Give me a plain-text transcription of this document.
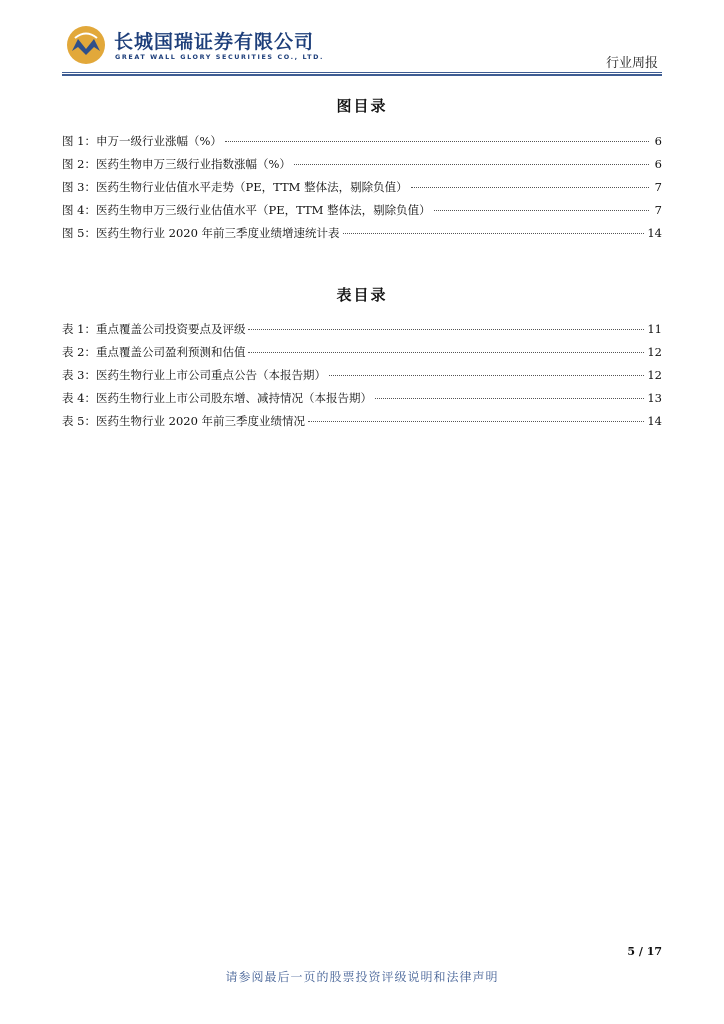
长城国瑞证券有限公司
GREAT WALL GLORY SECURITIES CO., LTD.	行业周报
图目录
图 1：申万一级行业涨幅（%）	6
图 2：医药生物申万三级行业指数涨幅（%）	6
图 3：医药生物行业估值水平走势（PE，TTM 整体法，剔除负值）	7
图 4：医药生物申万三级行业估值水平（PE，TTM 整体法，剔除负值）	7
图 5：医药生物行业 2020 年前三季度业绩增速统计表	14
表目录
表 1：重点覆盖公司投资要点及评级	11
表 2：重点覆盖公司盈利预测和估值	12
表 3：医药生物行业上市公司重点公告（本报告期）	12
表 4：医药生物行业上市公司股东增、减持情况（本报告期）	13
表 5：医药生物行业 2020 年前三季度业绩情况	14
5 / 17
请参阅最后一页的股票投资评级说明和法律声明
